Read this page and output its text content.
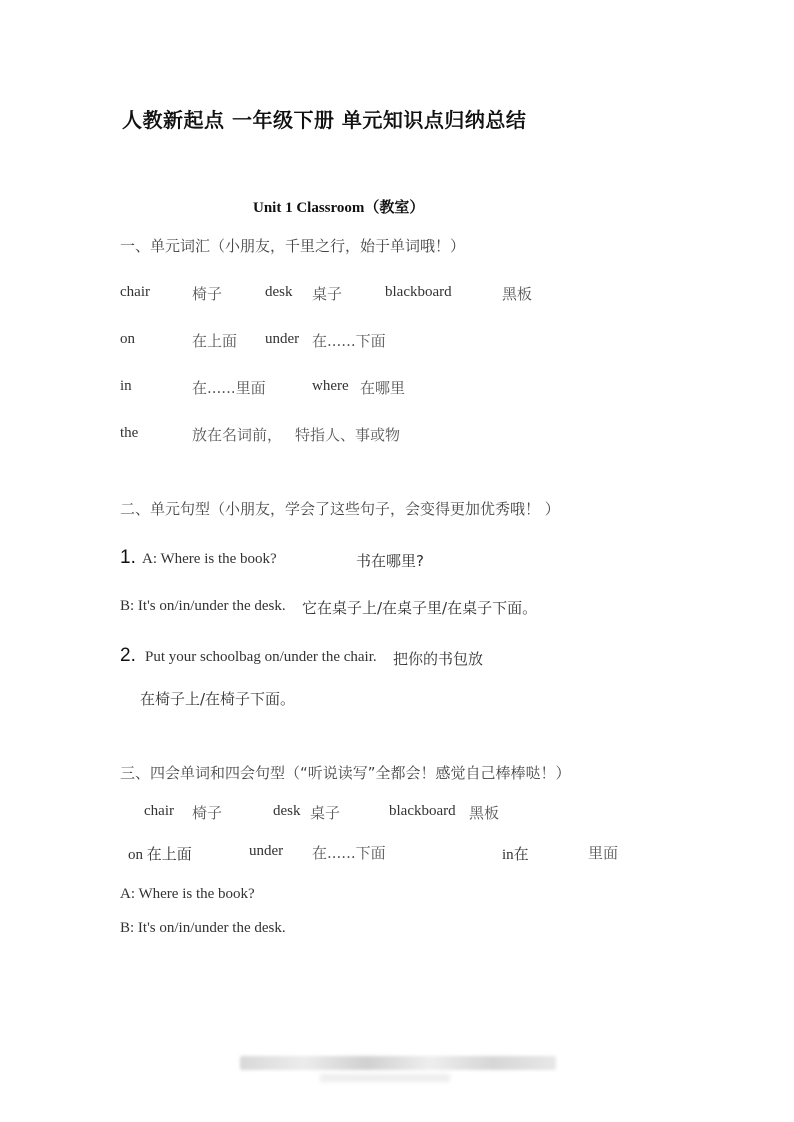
人教新起点 一年级下册 单元知识点归纳总结
Unit 1 Classroom（教室）
一、单元词汇（小朋友，千里之行，始于单词哦！）
chair	椅子	desk 桌子	blackboard	黑板
on	在上面 under 在......下面
in	在......里面	where 在哪里
the	放在名词前， 特指人、事或物
二、单元句型（小朋友，学会了这些句子，会变得更加优秀哦！ ）
1. A: Where is the book?	书在哪里?
B: It's on/in/under the desk. 它在桌子上/在桌子里/在桌子下面。
2. Put your schoolbag on/under the chair. 把你的书包放
在椅子上/在椅子下面。
三、四会单词和四会句型（“听说读写”全都会！感觉自己棒棒哒！）
chair 椅子	desk 桌子	blackboard 黑板
on 在上面	under 在......下面	in在	里面
A: Where is the book?
B: It's on/in/under the desk.
